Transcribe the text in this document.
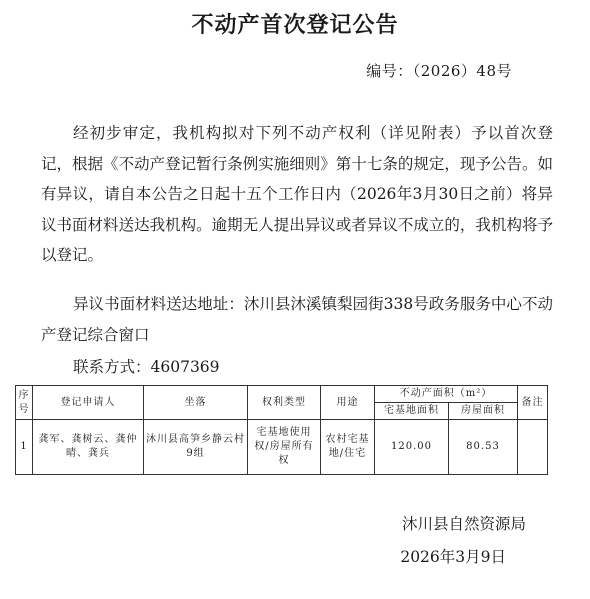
不动产首次登记公告
编号：（2026）48号
经初步审定，我机构拟对下列不动产权利（详见附表）予以首次登记，根据《不动产登记暂行条例实施细则》第十七条的规定，现予公告。如有异议，请自本公告之日起十五个工作日内（2026年3月30日之前）将异议书面材料送达我机构。逾期无人提出异议或者异议不成立的，我机构将予以登记。
异议书面材料送达地址：沐川县沐溪镇梨园街338号政务服务中心不动产登记综合窗口
联系方式：4607369
序号	登记申请人	坐落	权利类型	用途	不动产面积（m²）		备注
					宅基地面积	房屋面积	
1	龚军、龚树云、龚仲晴、龚兵	沐川县高笋乡静云村9组	宅基地使用权/房屋所有权	农村宅基地/住宅	120.00	80.53	
沐川县自然资源局
2026年3月9日
